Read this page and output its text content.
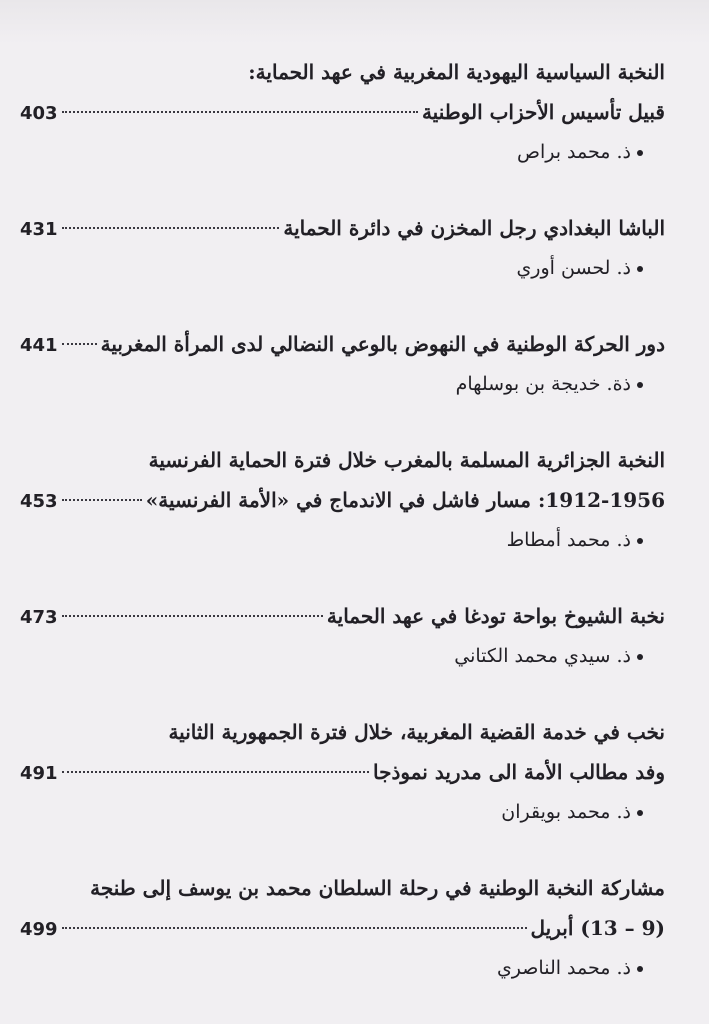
النخبة السياسية اليهودية المغربية في عهد الحماية:
قبيل تأسيس الأحزاب الوطنية
403
ذ. محمد براص
الباشا البغدادي رجل المخزن في دائرة الحماية
431
ذ. لحسن أوري
دور الحركة الوطنية في النهوض بالوعي النضالي لدى المرأة المغربية
441
ذة. خديجة بن بوسلهام
النخبة الجزائرية المسلمة بالمغرب خلال فترة الحماية الفرنسية
1912-1956: مسار فاشل في الاندماج في «الأمة الفرنسية»
453
ذ. محمد أمطاط
نخبة الشيوخ بواحة تودغا في عهد الحماية
473
ذ. سيدي محمد الكتاني
نخب في خدمة القضية المغربية، خلال فترة الجمهورية الثانية
وفد مطالب الأمة الى مدريد نموذجا
491
ذ. محمد بويقران
مشاركة النخبة الوطنية في رحلة السلطان محمد بن يوسف إلى طنجة
(9 – 13) أبريل
499
ذ. محمد الناصري
